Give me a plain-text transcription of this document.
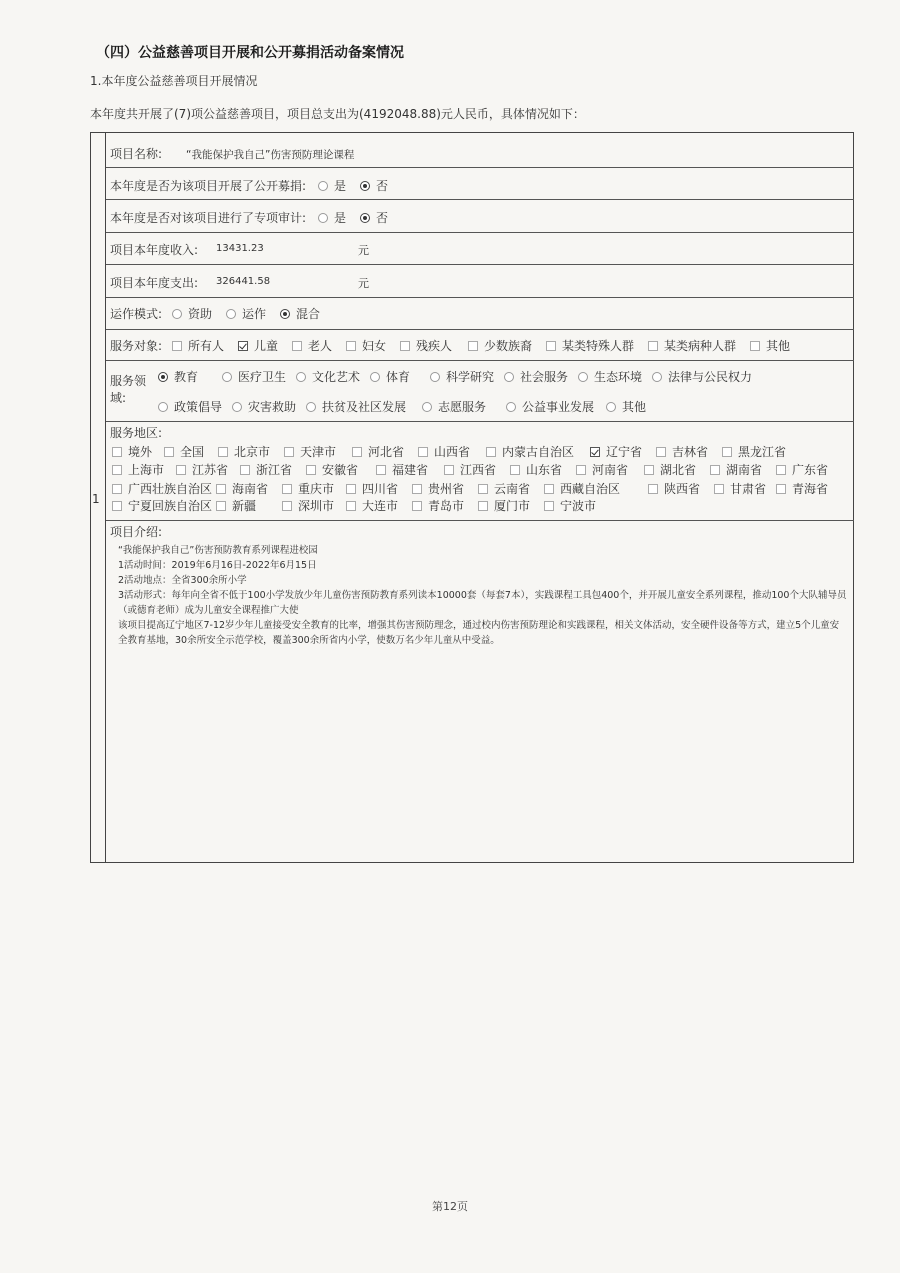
（四）公益慈善项目开展和公开募捐活动备案情况
1.本年度公益慈善项目开展情况
本年度共开展了(7)项公益慈善项目，项目总支出为(4192048.88)元人民币，具体情况如下：
1
项目名称: “我能保护我自己”伤害预防理论课程
本年度是否为该项目开展了公开募捐:	是	否
本年度是否对该项目进行了专项审计:	是	否
项目本年度收入: 13431.23	元
项目本年度支出: 326441.58	元
运作模式:	资助	运作	混合
服务对象:	所有人	儿童	老人	妇女	残疾人	少数族裔	某类特殊人群	某类病种人群	其他
服务领
域:
教育	医疗卫生	文化艺术	体育	科学研究	社会服务	生态环境	法律与公民权力
政策倡导	灾害救助	扶贫及社区发展	志愿服务	公益事业发展	其他
服务地区:
境外	全国	北京市	天津市	河北省	山西省	内蒙古自治区	辽宁省	吉林省	黑龙江省
上海市	江苏省	浙江省	安徽省	福建省	江西省	山东省	河南省	湖北省	湖南省	广东省
广西壮族自治区	海南省	重庆市	四川省	贵州省	云南省	西藏自治区	陕西省	甘肃省	青海省
宁夏回族自治区	新疆	深圳市	大连市	青岛市	厦门市	宁波市
项目介绍:
“我能保护我自己”伤害预防教育系列课程进校园
1活动时间：2019年6月16日-2022年6月15日
2活动地点：全省300余所小学
3活动形式：每年向全省不低于100小学发放少年儿童伤害预防教育系列读本10000套（每套7本），实践课程工具包400个，并开展儿童安全系列课程，推动100个大队辅导员（或德育老师）成为儿童安全课程推广大使
该项目提高辽宁地区7-12岁少年儿童接受安全教育的比率，增强其伤害预防理念，通过校内伤害预防理论和实践课程，相关文体活动，安全硬件设备等方式，建立5个儿童安全教育基地，30余所安全示范学校，覆盖300余所省内小学，使数万名少年儿童从中受益。
第12页
